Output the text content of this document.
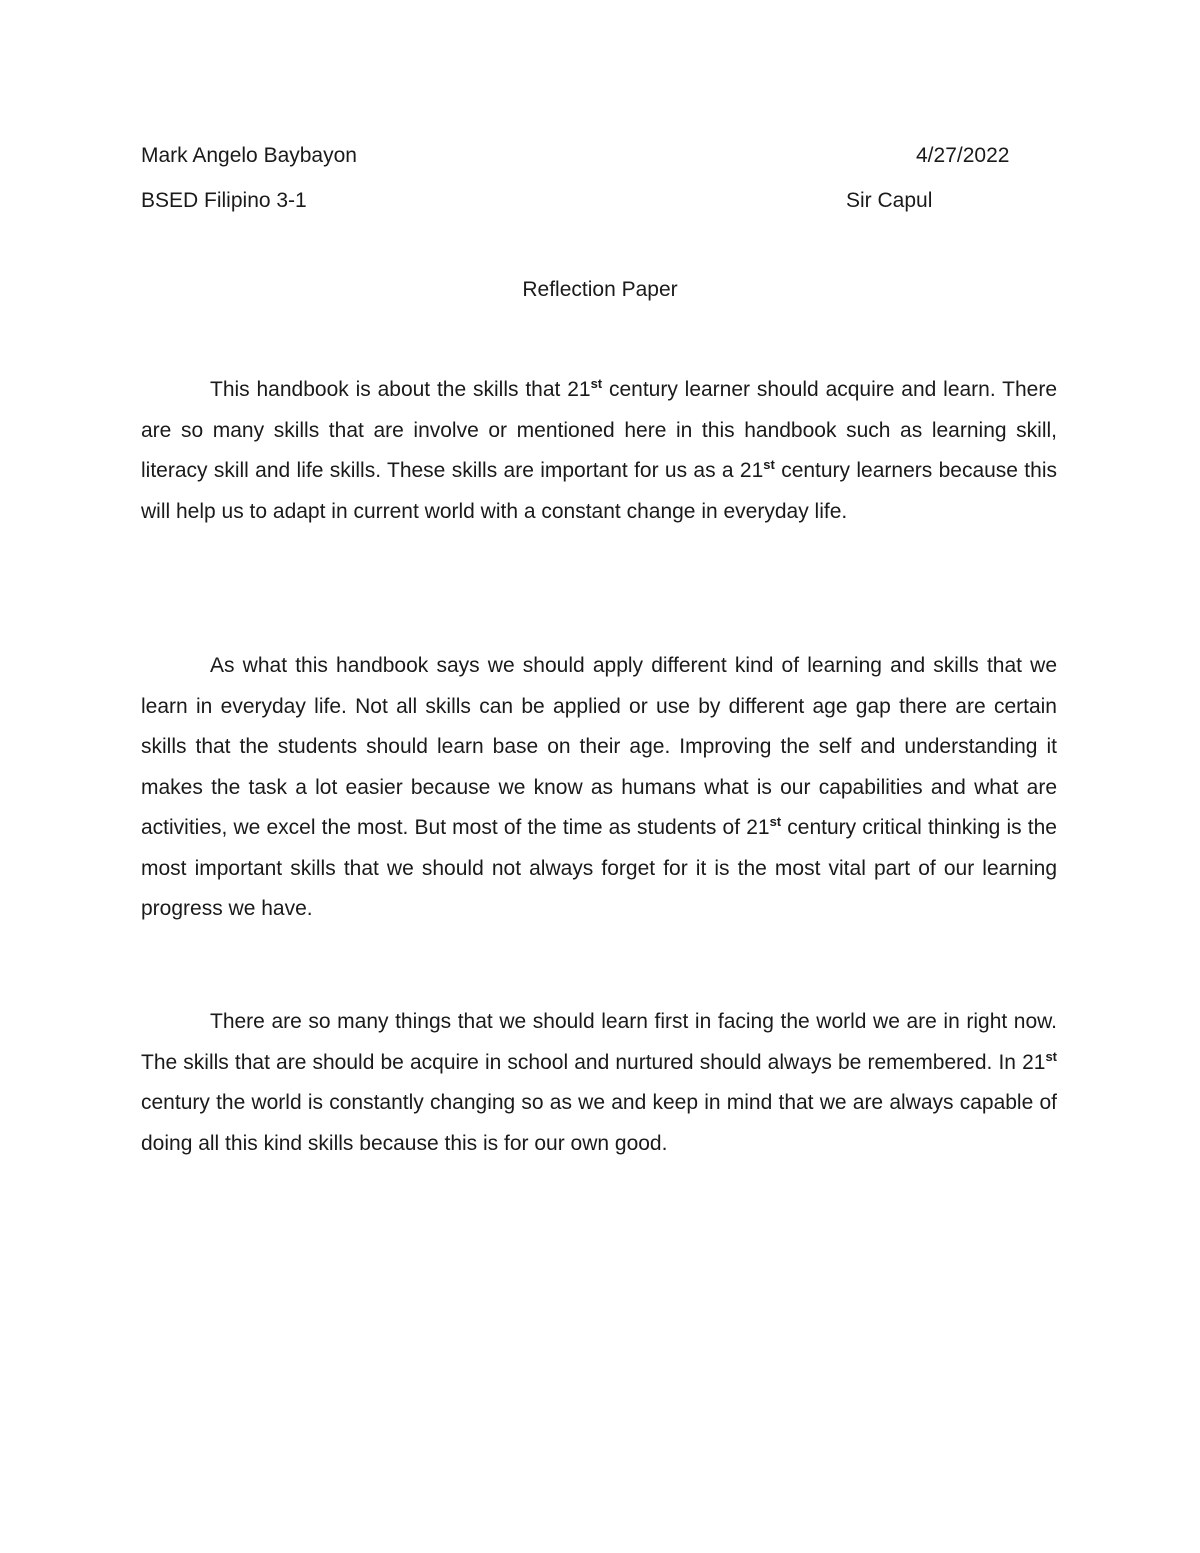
Mark Angelo Baybayon	4/27/2022
BSED Filipino 3-1	Sir Capul
Reflection Paper

This handbook is about the skills that 21st century learner should acquire and learn. There are so many skills that are involve or mentioned here in this handbook such as learning skill, literacy skill and life skills. These skills are important for us as a 21st century learners because this will help us to adapt in current world with a constant change in everyday life.

As what this handbook says we should apply different kind of learning and skills that we learn in everyday life. Not all skills can be applied or use by different age gap there are certain skills that the students should learn base on their age. Improving the self and understanding it makes the task a lot easier because we know as humans what is our capabilities and what are activities, we excel the most. But most of the time as students of 21st century critical thinking is the most important skills that we should not always forget for it is the most vital part of our learning progress we have.

There are so many things that we should learn first in facing the world we are in right now. The skills that are should be acquire in school and nurtured should always be remembered. In 21st century the world is constantly changing so as we and keep in mind that we are always capable of doing all this kind skills because this is for our own good.
